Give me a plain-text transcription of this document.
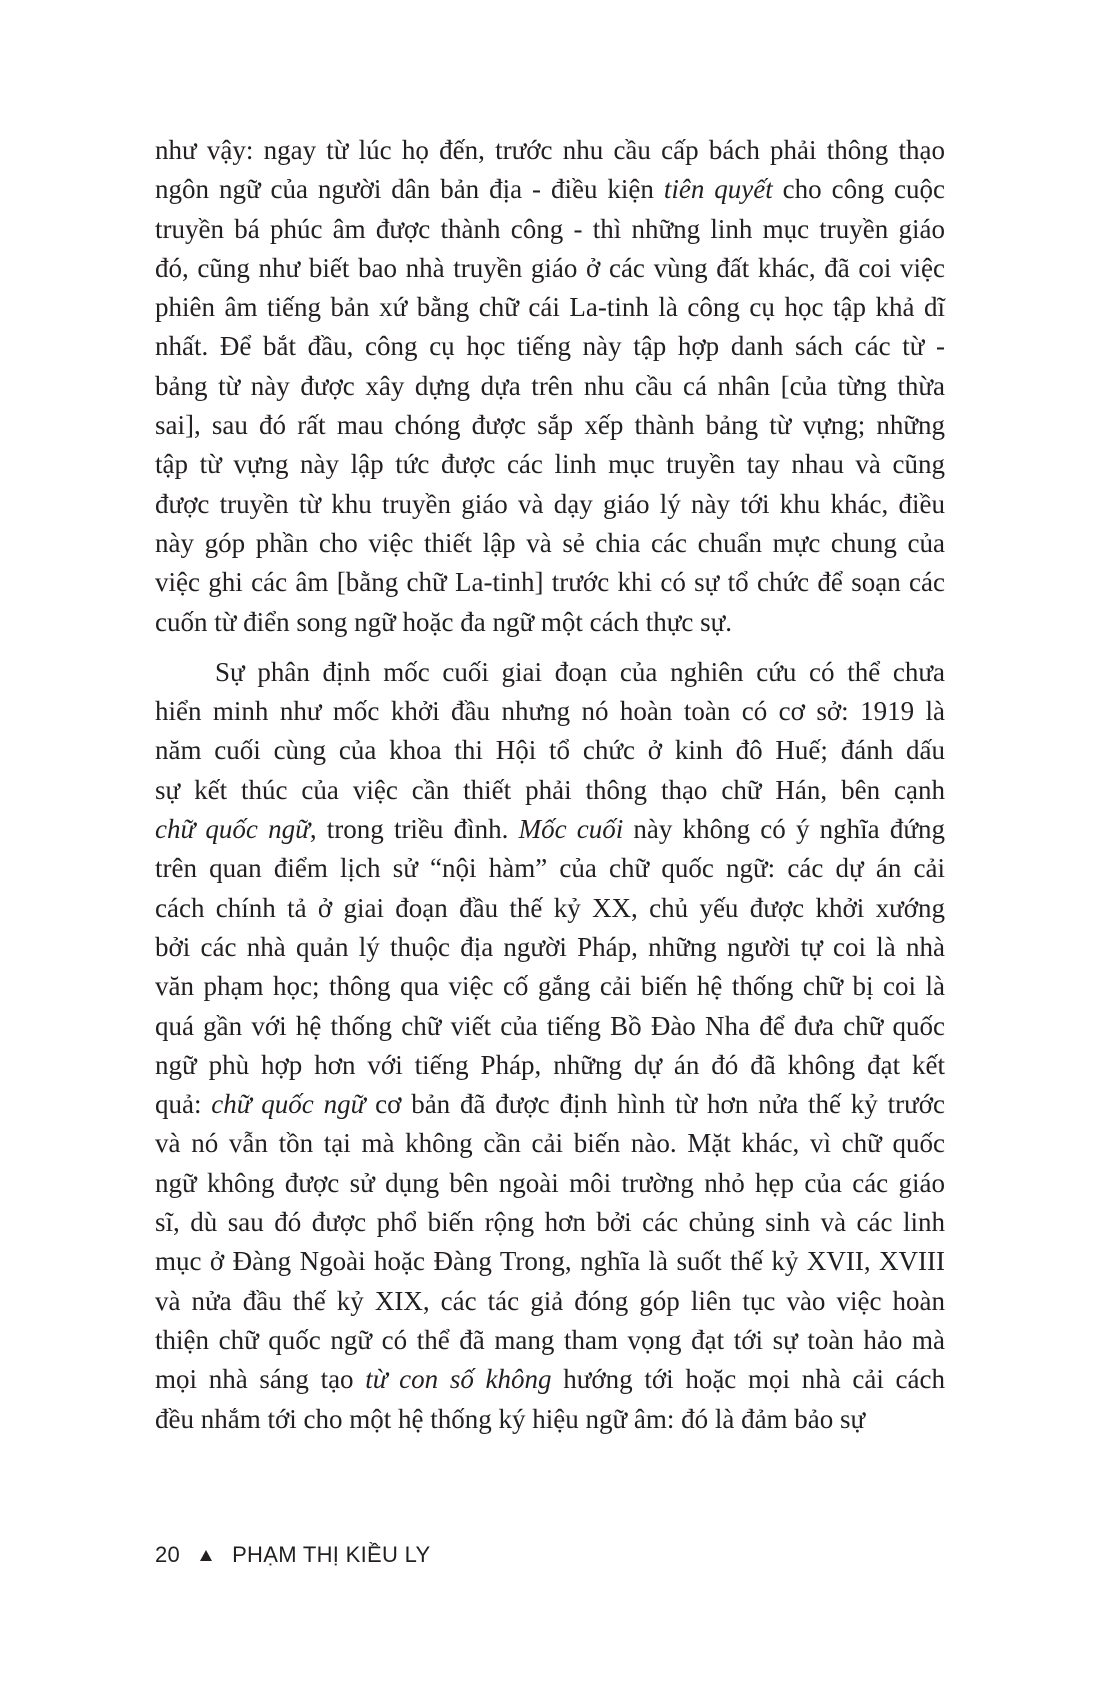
như vậy: ngay từ lúc họ đến, trước nhu cầu cấp bách phải thông thạo
ngôn ngữ của người dân bản địa - điều kiện tiên quyết cho công cuộc
truyền bá phúc âm được thành công - thì những linh mục truyền giáo
đó, cũng như biết bao nhà truyền giáo ở các vùng đất khác, đã coi việc
phiên âm tiếng bản xứ bằng chữ cái La-tinh là công cụ học tập khả dĩ
nhất. Để bắt đầu, công cụ học tiếng này tập hợp danh sách các từ -
bảng từ này được xây dựng dựa trên nhu cầu cá nhân [của từng thừa
sai], sau đó rất mau chóng được sắp xếp thành bảng từ vựng; những
tập từ vựng này lập tức được các linh mục truyền tay nhau và cũng
được truyền từ khu truyền giáo và dạy giáo lý này tới khu khác, điều
này góp phần cho việc thiết lập và sẻ chia các chuẩn mực chung của
việc ghi các âm [bằng chữ La-tinh] trước khi có sự tổ chức để soạn các
cuốn từ điển song ngữ hoặc đa ngữ một cách thực sự.
Sự phân định mốc cuối giai đoạn của nghiên cứu có thể chưa
hiển minh như mốc khởi đầu nhưng nó hoàn toàn có cơ sở: 1919 là
năm cuối cùng của khoa thi Hội tổ chức ở kinh đô Huế; đánh dấu
sự kết thúc của việc cần thiết phải thông thạo chữ Hán, bên cạnh
chữ quốc ngữ, trong triều đình. Mốc cuối này không có ý nghĩa đứng
trên quan điểm lịch sử “nội hàm” của chữ quốc ngữ: các dự án cải
cách chính tả ở giai đoạn đầu thế kỷ XX, chủ yếu được khởi xướng
bởi các nhà quản lý thuộc địa người Pháp, những người tự coi là nhà
văn phạm học; thông qua việc cố gắng cải biến hệ thống chữ bị coi là
quá gần với hệ thống chữ viết của tiếng Bồ Đào Nha để đưa chữ quốc
ngữ phù hợp hơn với tiếng Pháp, những dự án đó đã không đạt kết
quả: chữ quốc ngữ cơ bản đã được định hình từ hơn nửa thế kỷ trước
và nó vẫn tồn tại mà không cần cải biến nào. Mặt khác, vì chữ quốc
ngữ không được sử dụng bên ngoài môi trường nhỏ hẹp của các giáo
sĩ, dù sau đó được phổ biến rộng hơn bởi các chủng sinh và các linh
mục ở Đàng Ngoài hoặc Đàng Trong, nghĩa là suốt thế kỷ XVII, XVIII
và nửa đầu thế kỷ XIX, các tác giả đóng góp liên tục vào việc hoàn
thiện chữ quốc ngữ có thể đã mang tham vọng đạt tới sự toàn hảo mà
mọi nhà sáng tạo từ con số không hướng tới hoặc mọi nhà cải cách
đều nhắm tới cho một hệ thống ký hiệu ngữ âm: đó là đảm bảo sự
20 PHẠM THỊ KIỀU LY
